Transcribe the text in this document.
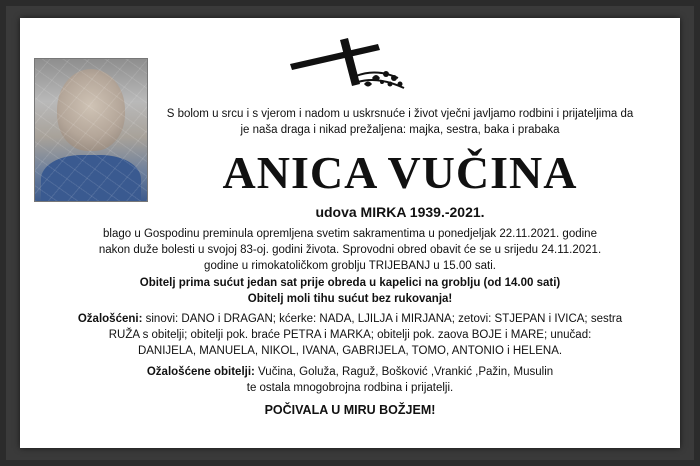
S bolom u srcu i s vjerom i nadom u uskrsnuće i život vječni javljamo rodbini i prijateljima da
je naša draga i nikad prežaljena: majka, sestra, baka i prabaka
ANICA VUČINA
udova MIRKA 1939.-2021.

blago u Gospodinu preminula opremljena svetim sakramentima u ponedjeljak 22.11.2021. godine

nakon duže bolesti u svojoj 83-oj. godini života. Sprovodni obred obavit će se u srijedu 24.11.2021.

godine u rimokatoličkom groblju TRIJEBANJ u 15.00 sati.

Obitelj prima sućut jedan sat prije obreda u kapelici na groblju (od 14.00 sati)

Obitelj moli tihu sućut bez rukovanja!

Ožalošćeni: sinovi: DANO i DRAGAN; kćerke: NADA, LJILJA i MIRJANA; zetovi: STJEPAN i IVICA; sestra

RUŽA s obitelji; obitelji pok. braće PETRA i MARKA; obitelji pok. zaova BOJE i MARE; unučad:

DANIJELA, MANUELA, NIKOL, IVANA, GABRIJELA, TOMO, ANTONIO i HELENA.

Ožalošćene obitelji: Vučina, Goluža, Raguž, Bošković ,Vrankić ,Pažin, Musulin

te ostala mnogobrojna rodbina i prijatelji.

POČIVALA U MIRU BOŽJEM!
